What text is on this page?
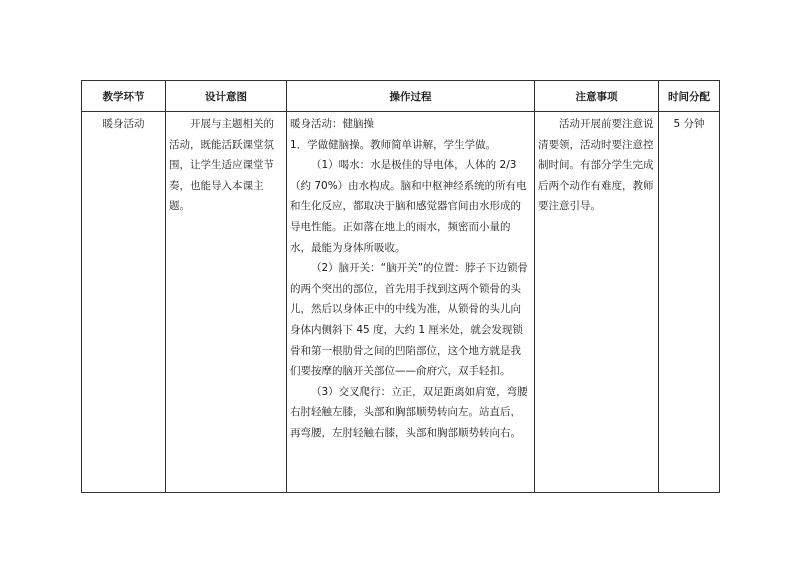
教学环节	设计意图	操作过程	注意事项	时间分配

暖身活动	开展与主题相关的活动，既能活跃课堂氛围，让学生适应课堂节奏，也能导入本课主题。	暖身活动：健脑操

1．学做健脑操。教师简单讲解，学生学做。

（1）喝水：水是极佳的导电体，人体的 2/3（约 70%）由水构成。脑和中枢神经系统的所有电和生化反应，都取决于脑和感觉器官间由水形成的导电性能。正如落在地上的雨水，频密而小量的水，最能为身体所吸收。

（2）脑开关：“脑开关”的位置：脖子下边锁骨的两个突出的部位，首先用手找到这两个锁骨的头儿，然后以身体正中的中线为准，从锁骨的头儿向身体内侧斜下 45 度，大约 1 厘米处，就会发现锁骨和第一根肋骨之间的凹陷部位，这个地方就是我们要按摩的脑开关部位——俞府穴，双手轻扣。

（3）交叉爬行：立正，双足距离如肩宽，弯腰右肘轻触左膝，头部和胸部顺势转向左。站直后，再弯腰，左肘轻触右膝，头部和胸部顺势转向右。	活动开展前要注意说清要领，活动时要注意控制时间。有部分学生完成后两个动作有难度，教师要注意引导。	5 分钟
